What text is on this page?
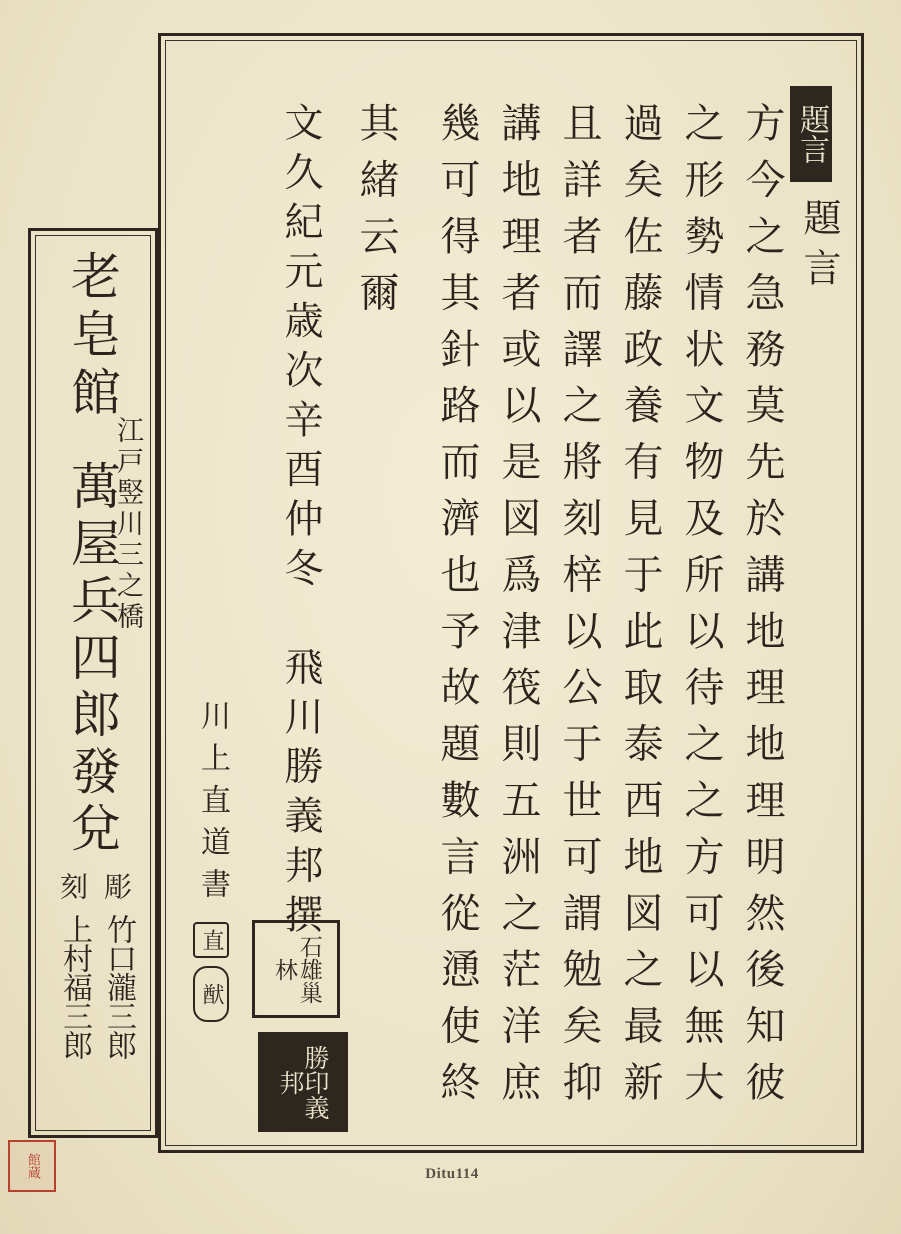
題言
題言
方今之急務莫先於講地理地理明然後知彼
之形勢情状文物及所以待之之方可以無大
過矣佐藤政養有見于此取泰西地図之最新
且詳者而譯之將刻梓以公于世可謂勉矣抑
講地理者或以是図爲津筏則五洲之茫洋庶
幾可得其針路而濟也予故題數言從慂使終
其緒云爾
文久紀元歳次辛酉仲冬　飛川勝義邦撰
川上直道書
直
猷	石雄巢林
勝印義邦
老皂館
江戸竪川三之橋
萬屋兵四郎發兌
彫
竹口瀧三郎
刻
上村福三郎
館蔵	Ditu114
